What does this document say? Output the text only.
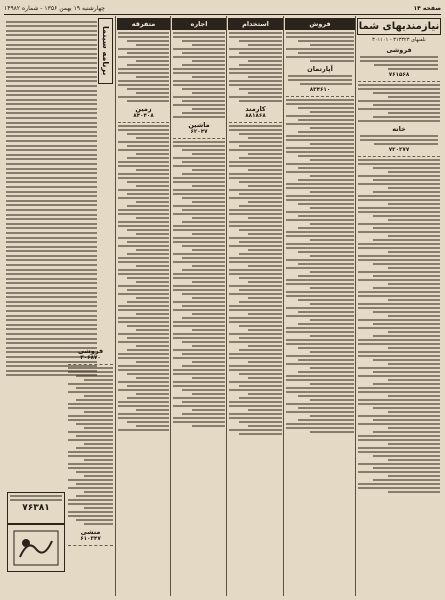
صفحه ۱۴
چهارشنبه ۱۹ بهمن ۱۳۵۶ - شماره ۱۴۹۸۲
نیازمندیهای شما
تلفنهای ۳۱۳۳۲۳ - ۳۰۱۱۰۱
فروشی
۷۶۱۵۶۸
خانه
۷۲۰۲۷۷
فروش
آپارتمان
۸۳۴۶۱۰
استخدام
کارمند
۸۸۱۸۶۸
اجاره
ماشین
۶۲۰۴۷
متفرقه
زمین
۸۴۰۴۰۸
برنامه سینما
۷۶۳۸۱
فروشی
۳۰۶۸۷۰
منشی
۶۱۰۳۴۷
